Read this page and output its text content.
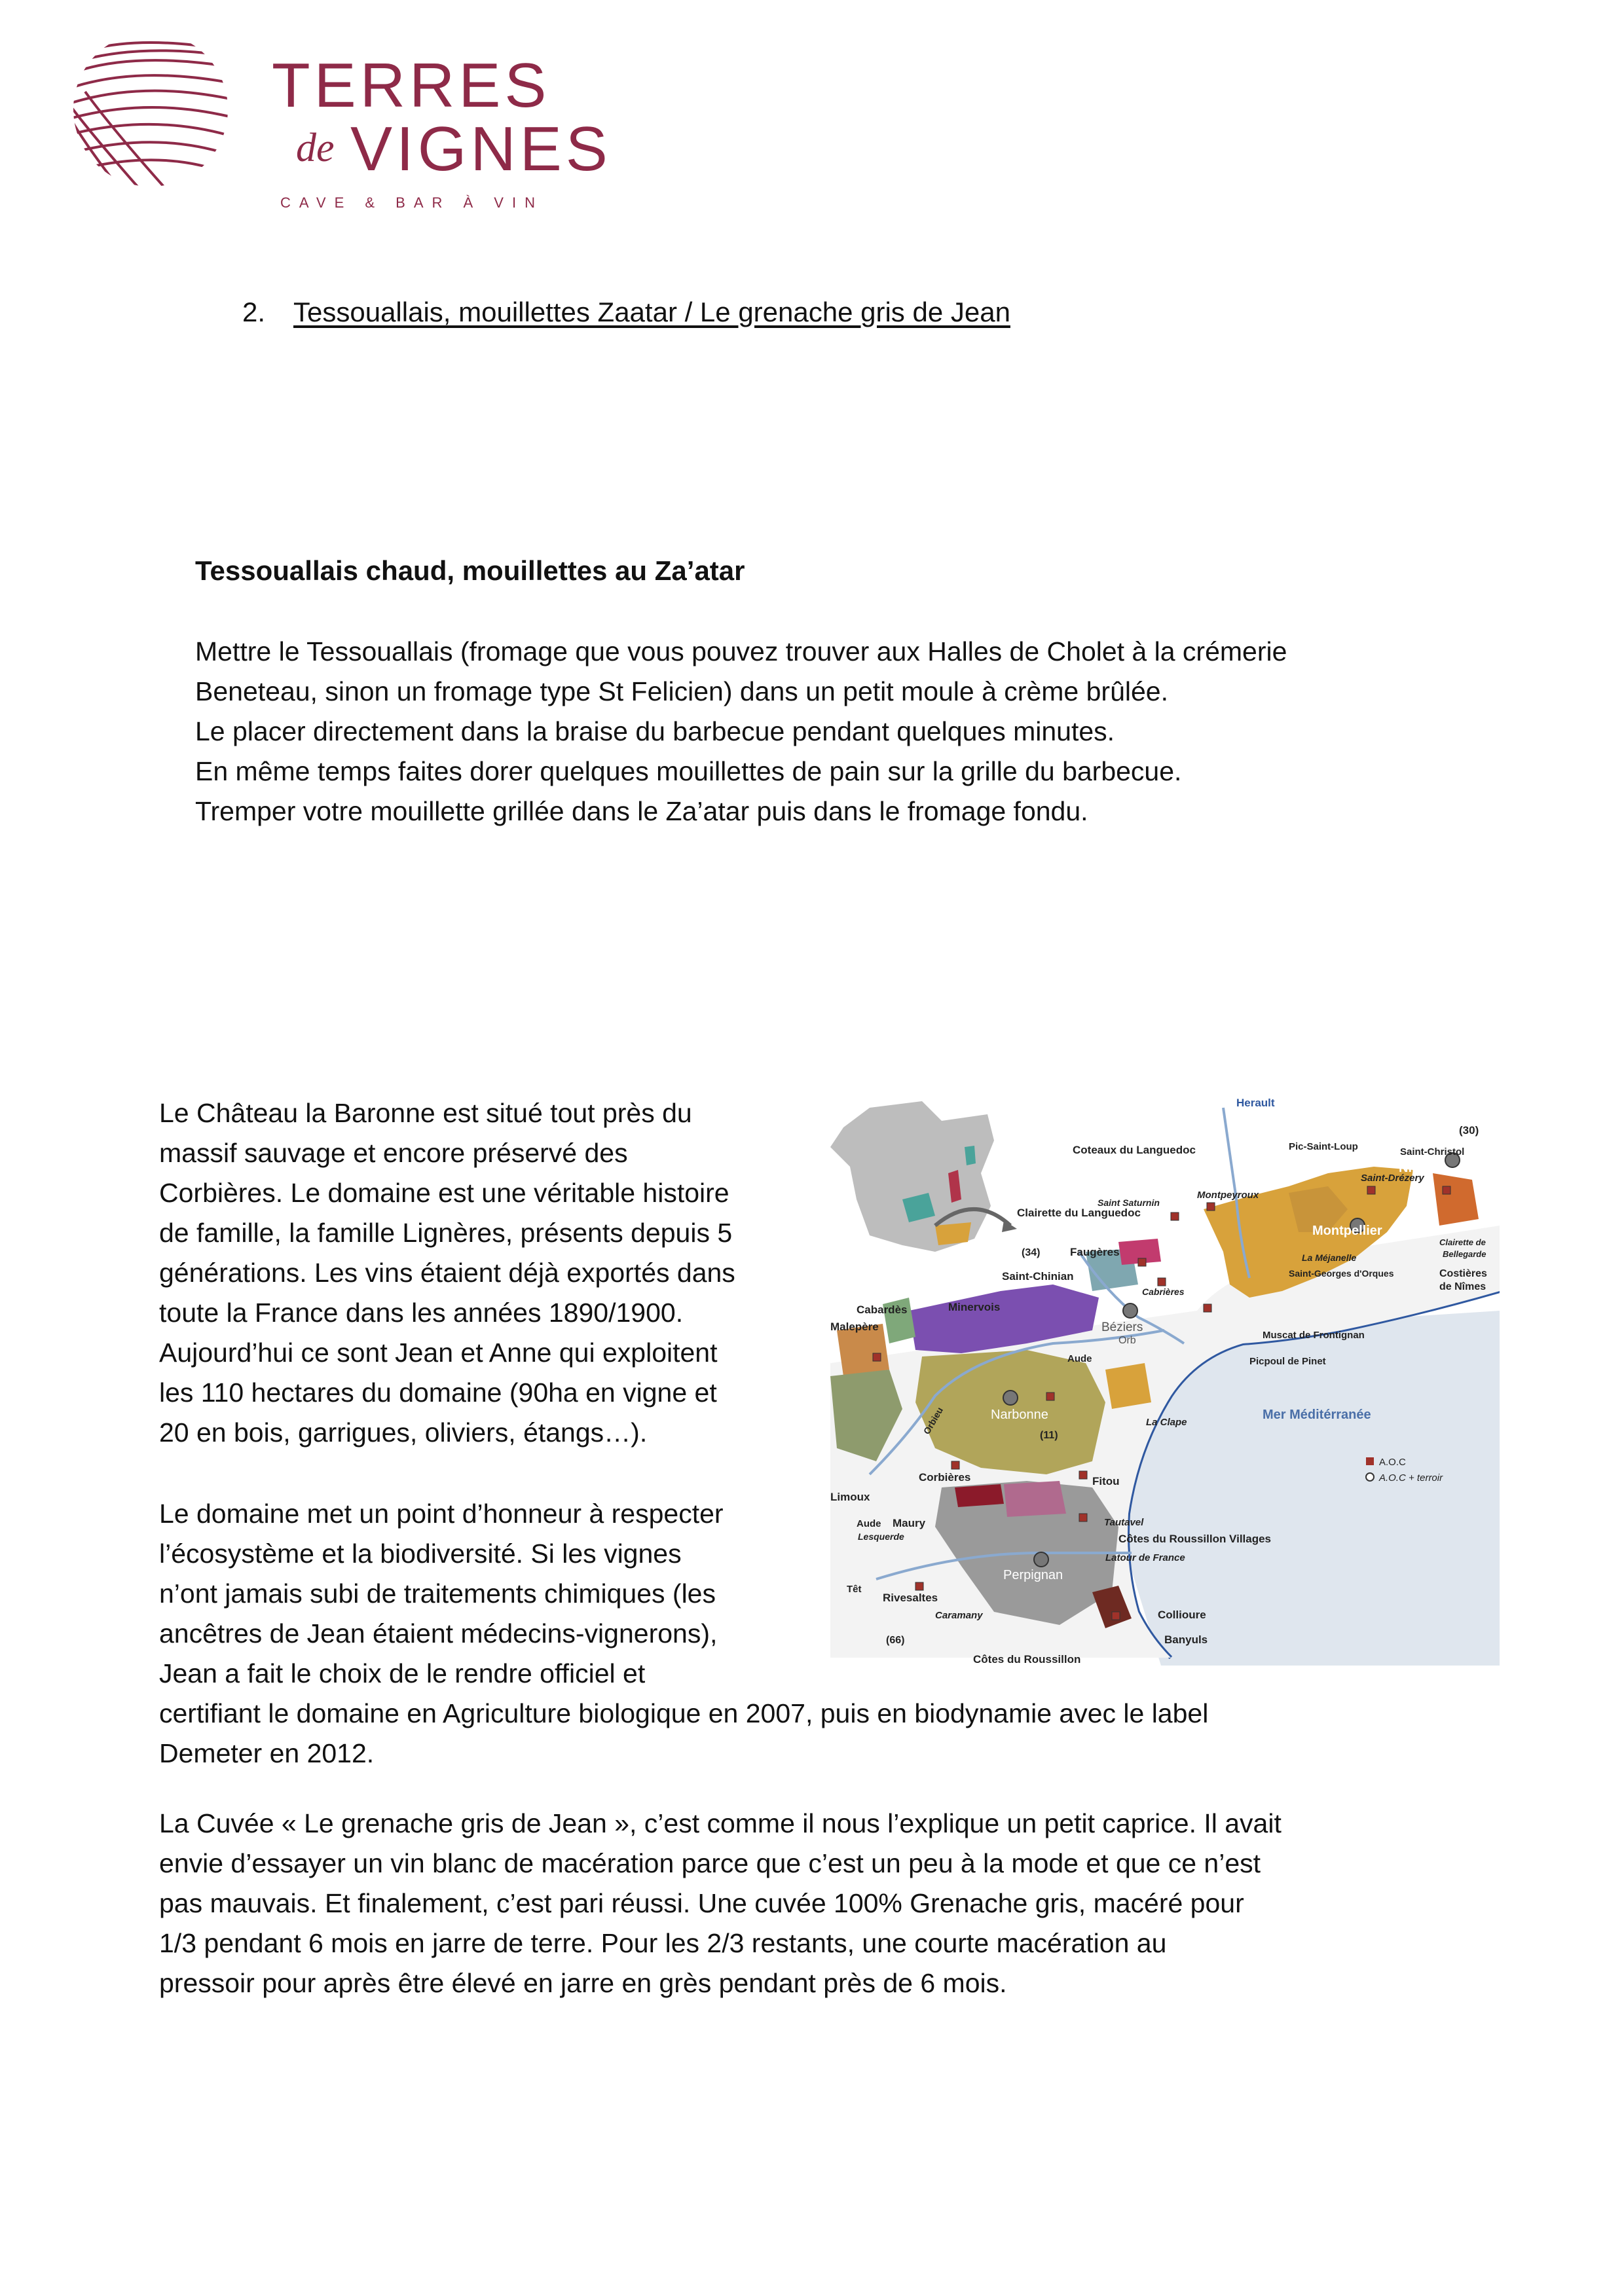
TERRES
de VIGNES
CAVE & BAR À VIN
2. Tessouallais, mouillettes Zaatar / Le grenache gris de Jean
Tessouallais chaud, mouillettes au Za’atar

Mettre le Tessouallais (fromage que vous pouvez trouver aux Halles de Cholet à la crémerie

Beneteau, sinon un fromage type St Felicien) dans un petit moule à crème brûlée.

Le placer directement dans la braise du barbecue pendant quelques minutes.

En même temps faites dorer quelques mouillettes de pain sur la grille du barbecue.

Tremper votre mouillette grillée dans le Za’atar puis dans le fromage fondu.

Le Château la Baronne est situé tout près du

massif sauvage et encore préservé des

Corbières. Le domaine est une véritable histoire

de famille, la famille Lignères, présents depuis 5

générations. Les vins étaient déjà exportés dans

toute la France dans les années 1890/1900.

Aujourd’hui ce sont Jean et Anne qui exploitent

les 110 hectares du domaine (90ha en vigne et

20 en bois, garrigues, oliviers, étangs…).

Le domaine met un point d’honneur à respecter

l’écosystème et la biodiversité. Si les vignes

n’ont jamais subi de traitements chimiques (les

ancêtres de Jean étaient médecins-vignerons),

Jean a fait le choix de le rendre officiel et

certifiant le domaine en Agriculture biologique en 2007, puis en biodynamie avec le label

Demeter en 2012.

La Cuvée « Le grenache gris de Jean », c’est comme il nous l’explique un petit caprice. Il avait

envie d’essayer un vin blanc de macération parce que c’est un peu à la mode et que ce n’est

pas mauvais. Et finalement, c’est pari réussi. Une cuvée 100% Grenache gris, macéré pour

1/3 pendant 6 mois en jarre de terre. Pour les 2/3 restants, une courte macération au

pressoir pour après être élevé en jarre en grès pendant près de 6 mois.

Herault
(30)
Coteaux du Languedoc	Pic-Saint-Loup	Saint-Christol
Saint-Drézery
Nîmes
Saint Saturnin
Montpeyroux
Montpellier
Clairette de
Bellegarde
Clairette du Languedoc
La Méjanelle
Costières
de Nîmes
(34)	Faugères
Saint-Georges d'Orques
Saint-Chinian
Cabrières
Cabardès	Minervois
Béziers
Orb
Malepère
Muscat de Frontignan
Aude	Picpoul de Pinet
Narbonne	Mer Méditérranée
La Clape
(11)
Orbieu
A.O.C
A.O.C + terroir
Corbières
Limoux
Fitou
Aude Maury
Lesquerde
Tautavel
Côtes du Roussillon Villages
Latour de France
Perpignan
Têt
Rivesaltes
Caramany	Collioure
Banyuls
(66)
Côtes du Roussillon
